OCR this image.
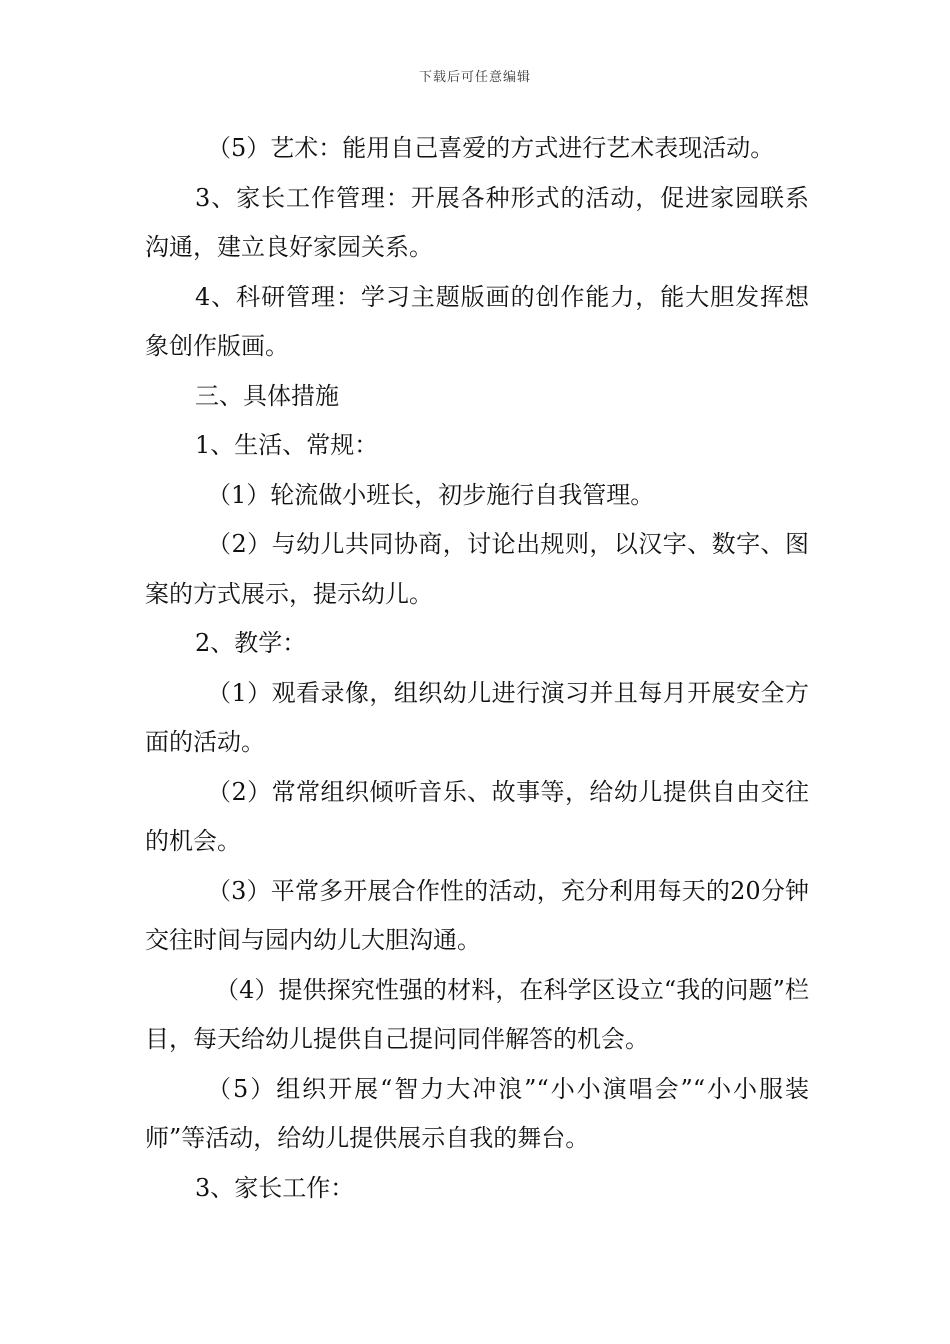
下载后可任意编辑

（5）艺术：能用自己喜爱的方式进行艺术表现活动。

3、家长工作管理：开展各种形式的活动，促进家园联系沟通，建立良好家园关系。

4、科研管理：学习主题版画的创作能力，能大胆发挥想象创作版画。

三、具体措施

1、生活、常规：

（1）轮流做小班长，初步施行自我管理。

（2）与幼儿共同协商，讨论出规则，以汉字、数字、图案的方式展示，提示幼儿。

2、教学：

（1）观看录像，组织幼儿进行演习并且每月开展安全方面的活动。

（2）常常组织倾听音乐、故事等，给幼儿提供自由交往的机会。

（3）平常多开展合作性的活动，充分利用每天的20分钟交往时间与园内幼儿大胆沟通。

（4）提供探究性强的材料，在科学区设立“我的问题”栏目，每天给幼儿提供自己提问同伴解答的机会。

（5）组织开展“智力大冲浪”“小小演唱会”“小小服装师”等活动，给幼儿提供展示自我的舞台。

3、家长工作：
